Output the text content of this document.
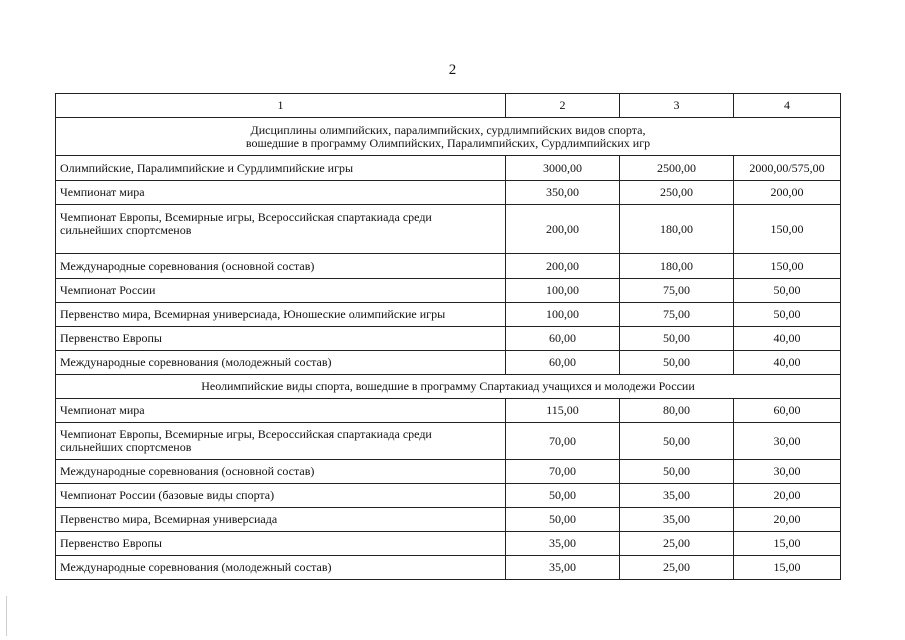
2
1	2	3	4

Дисциплины олимпийских, паралимпийских, сурдлимпийских видов спорта,
вошедшие в программу Олимпийских, Паралимпийских, Сурдлимпийских игр			

Олимпийские, Паралимпийские и Сурдлимпийские игры	3000,00	2500,00	2000,00/575,00

Чемпионат мира	350,00	250,00	200,00

Чемпионат Европы, Всемирные игры, Всероссийская спартакиада среди
сильнейших спортсменов	200,00	180,00	150,00

Международные соревнования (основной состав)	200,00	180,00	150,00

Чемпионат России	100,00	75,00	50,00

Первенство мира, Всемирная универсиада, Юношеские олимпийские игры	100,00	75,00	50,00

Первенство Европы	60,00	50,00	40,00

Международные соревнования (молодежный состав)	60,00	50,00	40,00

Неолимпийские виды спорта, вошедшие в программу Спартакиад учащихся и молодежи России			

Чемпионат мира	115,00	80,00	60,00

Чемпионат Европы, Всемирные игры, Всероссийская спартакиада среди
сильнейших спортсменов	70,00	50,00	30,00

Международные соревнования (основной состав)	70,00	50,00	30,00

Чемпионат России (базовые виды спорта)	50,00	35,00	20,00

Первенство мира, Всемирная универсиада	50,00	35,00	20,00

Первенство Европы	35,00	25,00	15,00

Международные соревнования (молодежный состав)	35,00	25,00	15,00
